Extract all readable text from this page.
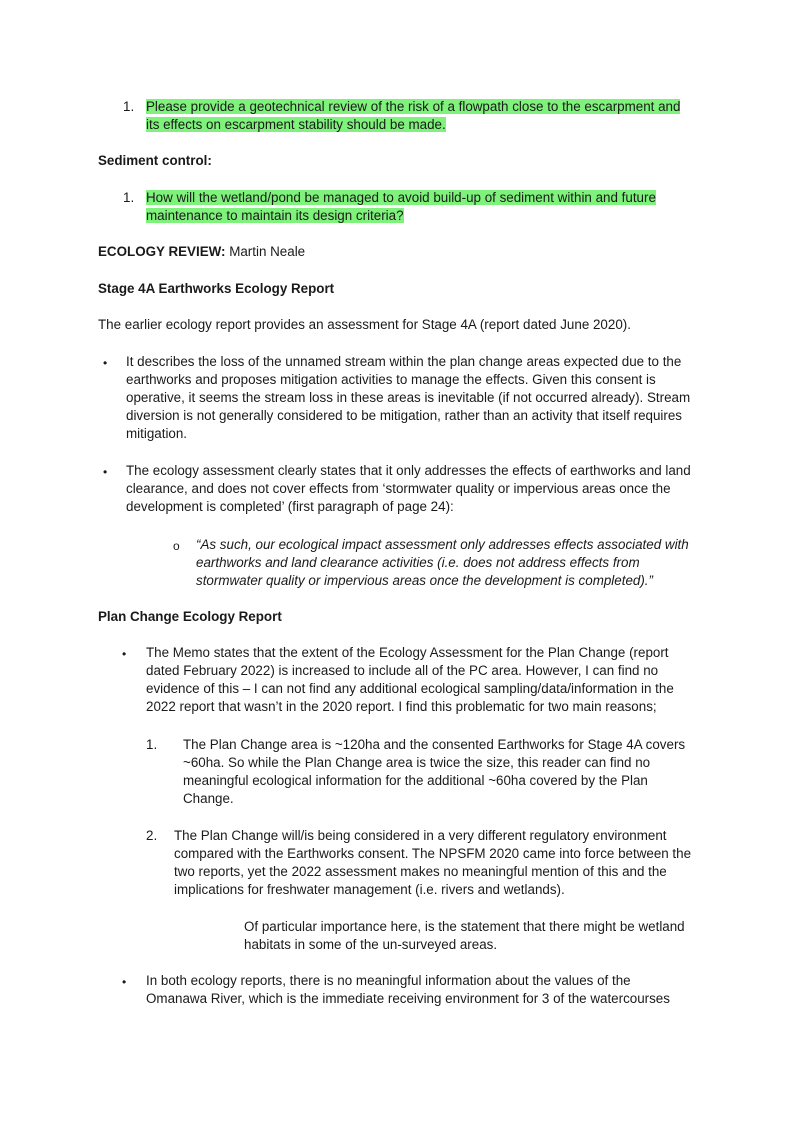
1. Please provide a geotechnical review of the risk of a flowpath close to the escarpment and
its effects on escarpment stability should be made.
Sediment control:
1. How will the wetland/pond be managed to avoid build-up of sediment within and future
maintenance to maintain its design criteria?
ECOLOGY REVIEW: Martin Neale
Stage 4A Earthworks Ecology Report
The earlier ecology report provides an assessment for Stage 4A (report dated June 2020).
• It describes the loss of the unnamed stream within the plan change areas expected due to the
earthworks and proposes mitigation activities to manage the effects. Given this consent is
operative, it seems the stream loss in these areas is inevitable (if not occurred already). Stream
diversion is not generally considered to be mitigation, rather than an activity that itself requires
mitigation.
• The ecology assessment clearly states that it only addresses the effects of earthworks and land
clearance, and does not cover effects from ‘stormwater quality or impervious areas once the
development is completed’ (first paragraph of page 24):
o “As such, our ecological impact assessment only addresses effects associated with
earthworks and land clearance activities (i.e. does not address effects from
stormwater quality or impervious areas once the development is completed).”
Plan Change Ecology Report
• The Memo states that the extent of the Ecology Assessment for the Plan Change (report
dated February 2022) is increased to include all of the PC area. However, I can find no
evidence of this – I can not find any additional ecological sampling/data/information in the
2022 report that wasn’t in the 2020 report. I find this problematic for two main reasons;
1. The Plan Change area is ~120ha and the consented Earthworks for Stage 4A covers
~60ha. So while the Plan Change area is twice the size, this reader can find no
meaningful ecological information for the additional ~60ha covered by the Plan
Change.
2. The Plan Change will/is being considered in a very different regulatory environment
compared with the Earthworks consent. The NPSFM 2020 came into force between the
two reports, yet the 2022 assessment makes no meaningful mention of this and the
implications for freshwater management (i.e. rivers and wetlands).
Of particular importance here, is the statement that there might be wetland
habitats in some of the un-surveyed areas.
• In both ecology reports, there is no meaningful information about the values of the
Omanawa River, which is the immediate receiving environment for 3 of the watercourses
